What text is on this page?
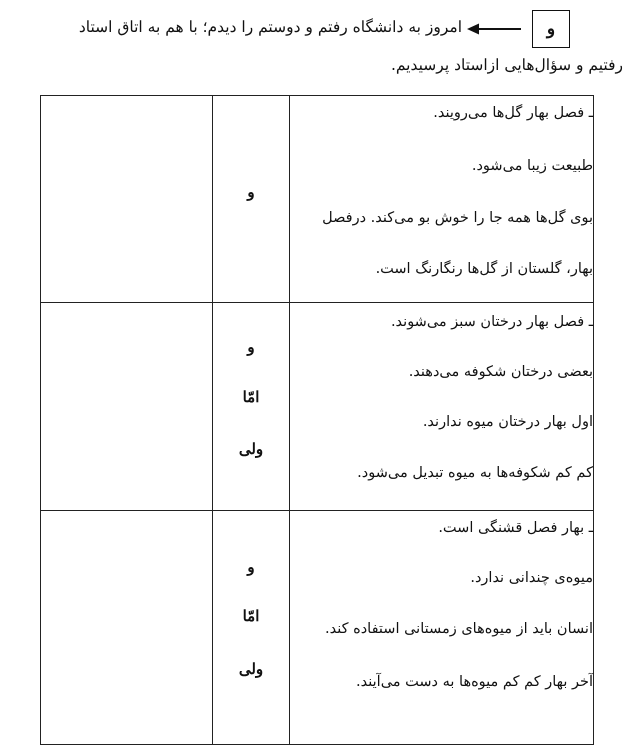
و
امروز به دانشگاه رفتم و دوستم را دیدم؛ با هم به اتاق استاد
رفتیم و سؤال‌هایی ازاستاد پرسیدیم.
ـ فصل بهار گل‌ها می‌رویند.
طبیعت زیبا می‌شود.
بوی گل‌ها همه جا را خوش بو می‌کند. درفصل
بهار، گلستان از گل‌ها رنگارنگ است.
و
ـ فصل بهار درختان سبز می‌شوند.
بعضی درختان شکوفه می‌دهند.
اول بهار درختان میوه ندارند.
کم کم شکوفه‌ها به میوه تبدیل می‌شود.
و
امّا
ولی
ـ بهار فصل قشنگی است.
میوه‌ی چندانی ندارد.
انسان باید از میوه‌های زمستانی استفاده کند.
آخر بهار کم کم میوه‌ها به دست می‌آیند.
و
امّا
ولی
